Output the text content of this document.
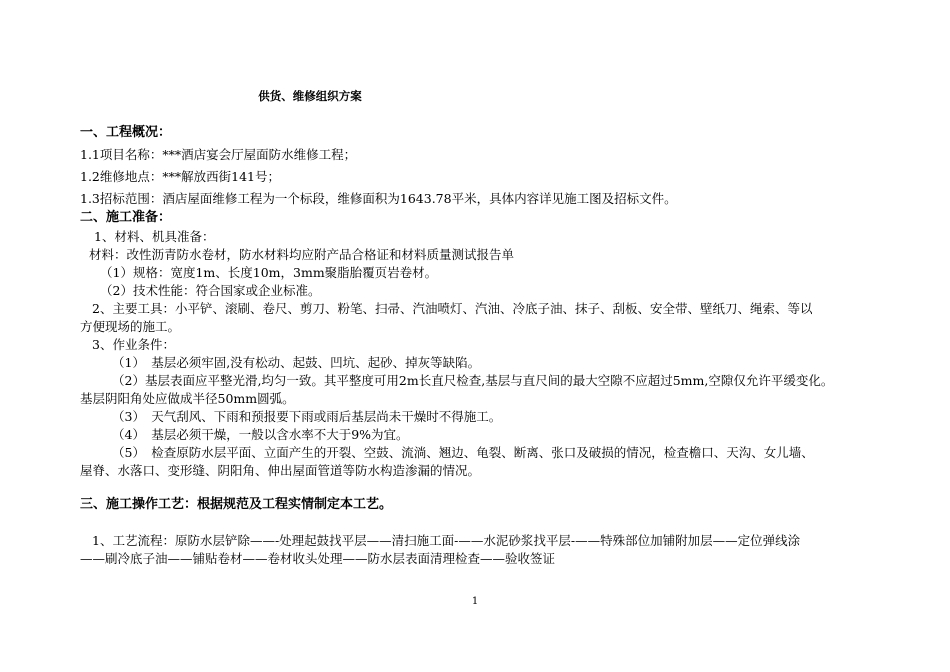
供货、维修组织方案
一、工程概况：
1.1项目名称：***酒店宴会厅屋面防水维修工程；
1.2维修地点：***解放西街141号；
1.3招标范围：酒店屋面维修工程为一个标段，维修面积为1643.78平米，具体内容详见施工图及招标文件。
二、施工准备：
1、材料、机具准备：
材料：改性沥青防水卷材，防水材料均应附产品合格证和材料质量测试报告单
（1）规格：宽度1m、长度10m，3mm聚脂胎覆页岩卷材。
（2）技术性能：符合国家或企业标准。
2、主要工具：小平铲、滚刷、卷尺、剪刀、粉笔、扫帚、汽油喷灯、汽油、冷底子油、抹子、刮板、安全带、壁纸刀、绳索、等以
方便现场的施工。
3、作业条件：
（1）　基层必须牢固,没有松动、起鼓、凹坑、起砂、掉灰等缺陷。
（2）基层表面应平整光滑,均匀一致。其平整度可用2m长直尺检查,基层与直尺间的最大空隙不应超过5mm,空隙仅允许平缓变化。
基层阴阳角处应做成半径50mm圆弧。
（3）　天气刮风、下雨和预报要下雨或雨后基层尚未干燥时不得施工。
（4）　基层必须干燥，一般以含水率不大于9%为宜。
（5）　检查原防水层平面、立面产生的开裂、空鼓、流淌、翘边、龟裂、断离、张口及破损的情况，检查檐口、天沟、女儿墙、
屋脊、水落口、变形缝、阴阳角、伸出屋面管道等防水构造渗漏的情况。
三、施工操作工艺：根据规范及工程实情制定本工艺。
1、工艺流程：原防水层铲除——-处理起鼓找平层——清扫施工面-——水泥砂浆找平层-——特殊部位加铺附加层——定位弹线涂
——刷冷底子油——铺贴卷材——卷材收头处理——防水层表面清理检查——验收签证
1
